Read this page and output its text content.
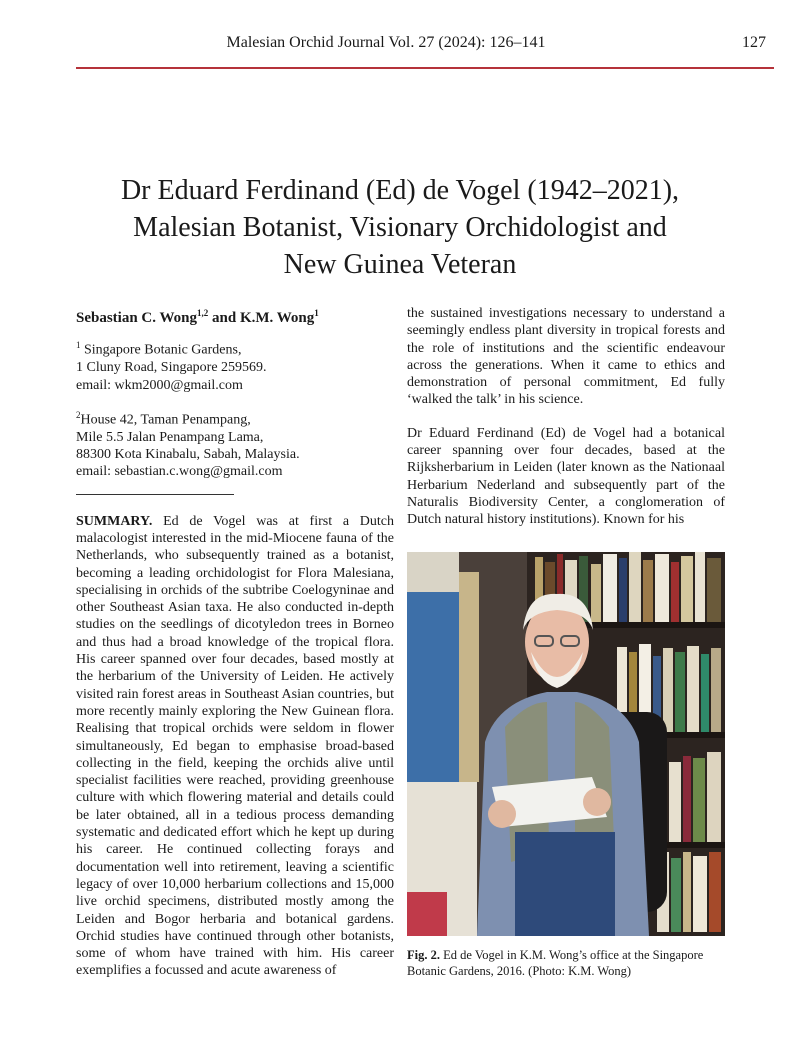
Malesian Orchid Journal Vol. 27 (2024): 126–141	127
Dr Eduard Ferdinand (Ed) de Vogel (1942–2021),
Malesian Botanist, Visionary Orchidologist and
New Guinea Veteran

Sebastian C. Wong$^{1,2}$ and K.M. Wong$^1$

$^1$ Singapore Botanic Gardens,
1 Cluny Road, Singapore 259569.
email: wkm2000@gmail.com
$^2$House 42, Taman Penampang,
Mile 5.5 Jalan Penampang Lama,
88300 Kota Kinabalu, Sabah, Malaysia.
email: sebastian.c.wong@gmail.com

SUMMARY. Ed de Vogel was at first a Dutch malacologist interested in the mid-Miocene fauna of the Netherlands, who subsequently trained as a botanist, becoming a leading orchidologist for Flora Malesiana, specialising in orchids of the subtribe Coelogyninae and other Southeast Asian taxa. He also conducted in-depth studies on the seedlings of dicotyledon trees in Borneo and thus had a broad knowledge of the tropical flora. His career spanned over four decades, based mostly at the herbarium of the University of Leiden. He actively visited rain forest areas in Southeast Asian countries, but more recently mainly exploring the New Guinean flora. Realising that tropical orchids were seldom in flower simultaneously, Ed began to emphasise broad-based collecting in the field, keeping the orchids alive until specialist facilities were reached, providing greenhouse culture with which flowering material and details could be later obtained, all in a tedious process demanding systematic and dedicated effort which he kept up during his career. He continued collecting forays and documentation well into retirement, leaving a scientific legacy of over 10,000 herbarium collections and 15,000 live orchid specimens, distributed mostly among the Leiden and Bogor herbaria and botanical gardens. Orchid studies have continued through other botanists, some of whom have trained with him. His career exemplifies a focussed and acute awareness of

the sustained investigations necessary to understand a seemingly endless plant diversity in tropical forests and the role of institutions and the scientific endeavour across the generations. When it came to ethics and demonstration of personal commitment, Ed fully ‘walked the talk’ in his science.

Dr Eduard Ferdinand (Ed) de Vogel had a botanical career spanning over four decades, based at the Rijksherbarium in Leiden (later known as the Nationaal Herbarium Nederland and subsequently part of the Naturalis Biodiversity Center, a conglomeration of Dutch natural history institutions). Known for his

Fig. 2. Ed de Vogel in K.M. Wong’s office at the Singapore Botanic Gardens, 2016. (Photo: K.M. Wong)
